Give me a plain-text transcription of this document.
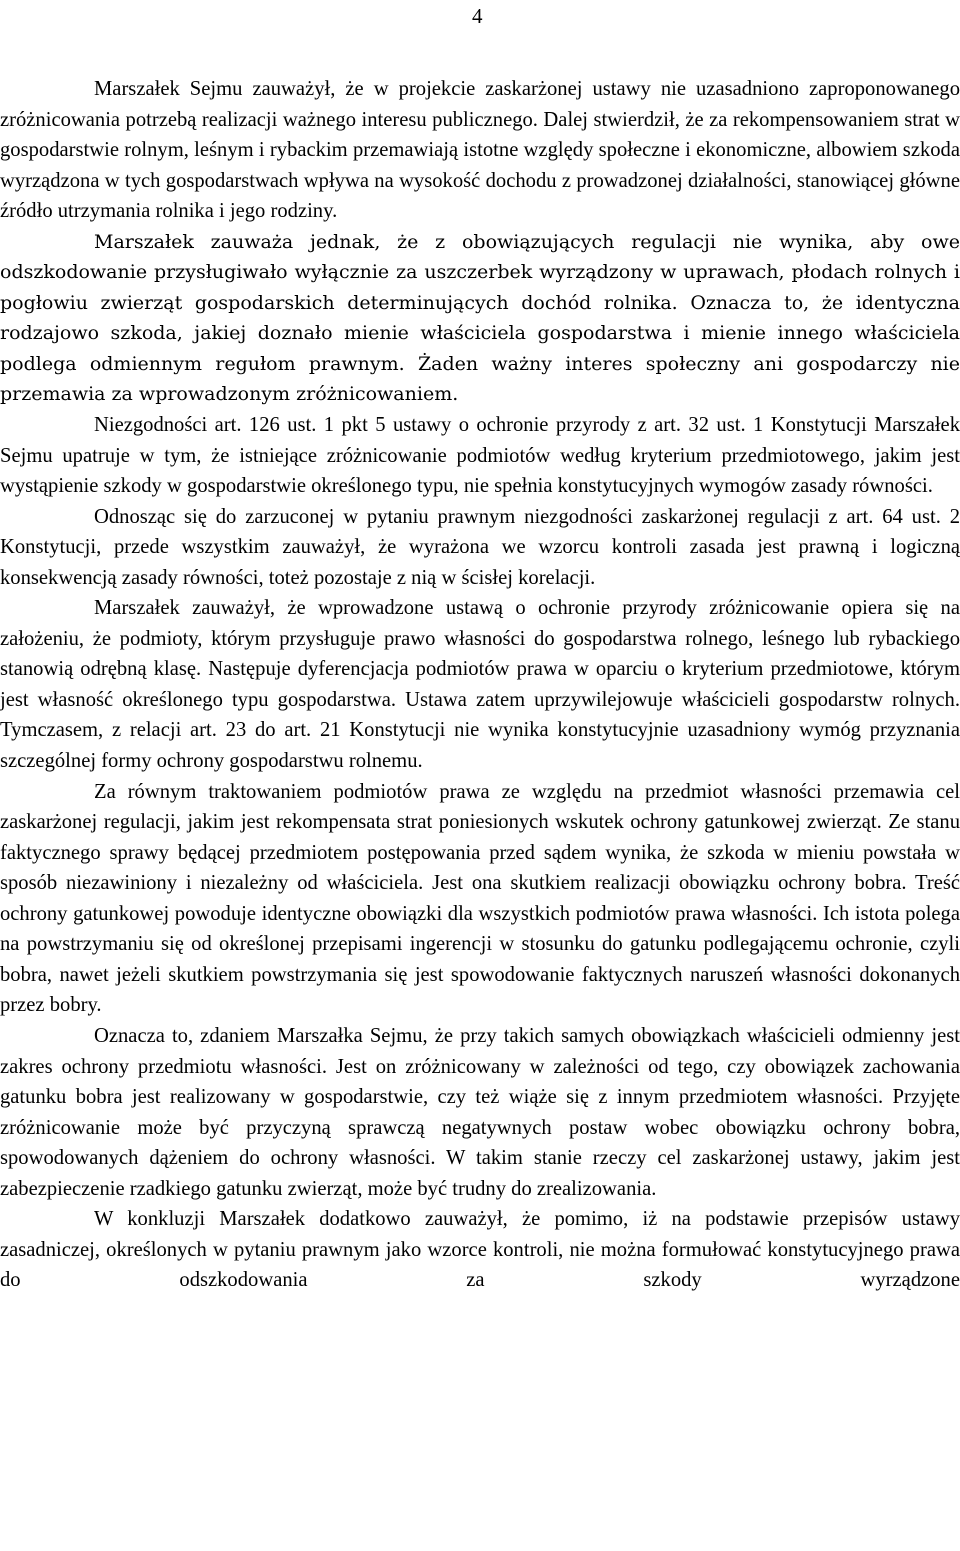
4

Marszałek Sejmu zauważył, że w projekcie zaskarżonej ustawy nie uzasadniono zaproponowanego zróżnicowania potrzebą realizacji ważnego interesu publicznego. Dalej stwierdził, że za rekompensowaniem strat w gospodarstwie rolnym, leśnym i rybackim przemawiają istotne względy społeczne i ekonomiczne, albowiem szkoda wyrządzona w tych gospodarstwach wpływa na wysokość dochodu z prowadzonej działalności, stanowiącej główne źródło utrzymania rolnika i jego rodziny.

Marszałek zauważa jednak, że z obowiązujących regulacji nie wynika, aby owe odszkodowanie przysługiwało wyłącznie za uszczerbek wyrządzony w uprawach, płodach rolnych i pogłowiu zwierząt gospodarskich determinujących dochód rolnika. Oznacza to, że identyczna rodzajowo szkoda, jakiej doznało mienie właściciela gospodarstwa i mienie innego właściciela podlega odmiennym regułom prawnym. Żaden ważny interes społeczny ani gospodarczy nie przemawia za wprowadzonym zróżnicowaniem.

Niezgodności art. 126 ust. 1 pkt 5 ustawy o ochronie przyrody z art. 32 ust. 1 Konstytucji Marszałek Sejmu upatruje w tym, że istniejące zróżnicowanie podmiotów według kryterium przedmiotowego, jakim jest wystąpienie szkody w gospodarstwie określonego typu, nie spełnia konstytucyjnych wymogów zasady równości.

Odnosząc się do zarzuconej w pytaniu prawnym niezgodności zaskarżonej regulacji z art. 64 ust. 2 Konstytucji, przede wszystkim zauważył, że wyrażona we wzorcu kontroli zasada jest prawną i logiczną konsekwencją zasady równości, toteż pozostaje z nią w ścisłej korelacji.

Marszałek zauważył, że wprowadzone ustawą o ochronie przyrody zróżnicowanie opiera się na założeniu, że podmioty, którym przysługuje prawo własności do gospodarstwa rolnego, leśnego lub rybackiego stanowią odrębną klasę. Następuje dyferencjacja podmiotów prawa w oparciu o kryterium przedmiotowe, którym jest własność określonego typu gospodarstwa. Ustawa zatem uprzywilejowuje właścicieli gospodarstw rolnych. Tymczasem, z relacji art. 23 do art. 21 Konstytucji nie wynika konstytucyjnie uzasadniony wymóg przyznania szczególnej formy ochrony gospodarstwu rolnemu.

Za równym traktowaniem podmiotów prawa ze względu na przedmiot własności przemawia cel zaskarżonej regulacji, jakim jest rekompensata strat poniesionych wskutek ochrony gatunkowej zwierząt. Ze stanu faktycznego sprawy będącej przedmiotem postępowania przed sądem wynika, że szkoda w mieniu powstała w sposób niezawiniony i niezależny od właściciela. Jest ona skutkiem realizacji obowiązku ochrony bobra. Treść ochrony gatunkowej powoduje identyczne obowiązki dla wszystkich podmiotów prawa własności. Ich istota polega na powstrzymaniu się od określonej przepisami ingerencji w stosunku do gatunku podlegającemu ochronie, czyli bobra, nawet jeżeli skutkiem powstrzymania się jest spowodowanie faktycznych naruszeń własności dokonanych przez bobry.

Oznacza to, zdaniem Marszałka Sejmu, że przy takich samych obowiązkach właścicieli odmienny jest zakres ochrony przedmiotu własności. Jest on zróżnicowany w zależności od tego, czy obowiązek zachowania gatunku bobra jest realizowany w gospodarstwie, czy też wiąże się z innym przedmiotem własności. Przyjęte zróżnicowanie może być przyczyną sprawczą negatywnych postaw wobec obowiązku ochrony bobra, spowodowanych dążeniem do ochrony własności. W takim stanie rzeczy cel zaskarżonej ustawy, jakim jest zabezpieczenie rzadkiego gatunku zwierząt, może być trudny do zrealizowania.

W konkluzji Marszałek dodatkowo zauważył, że pomimo, iż na podstawie przepisów ustawy zasadniczej, określonych w pytaniu prawnym jako wzorce kontroli, nie można formułować konstytucyjnego prawa do odszkodowania za szkody wyrządzone
